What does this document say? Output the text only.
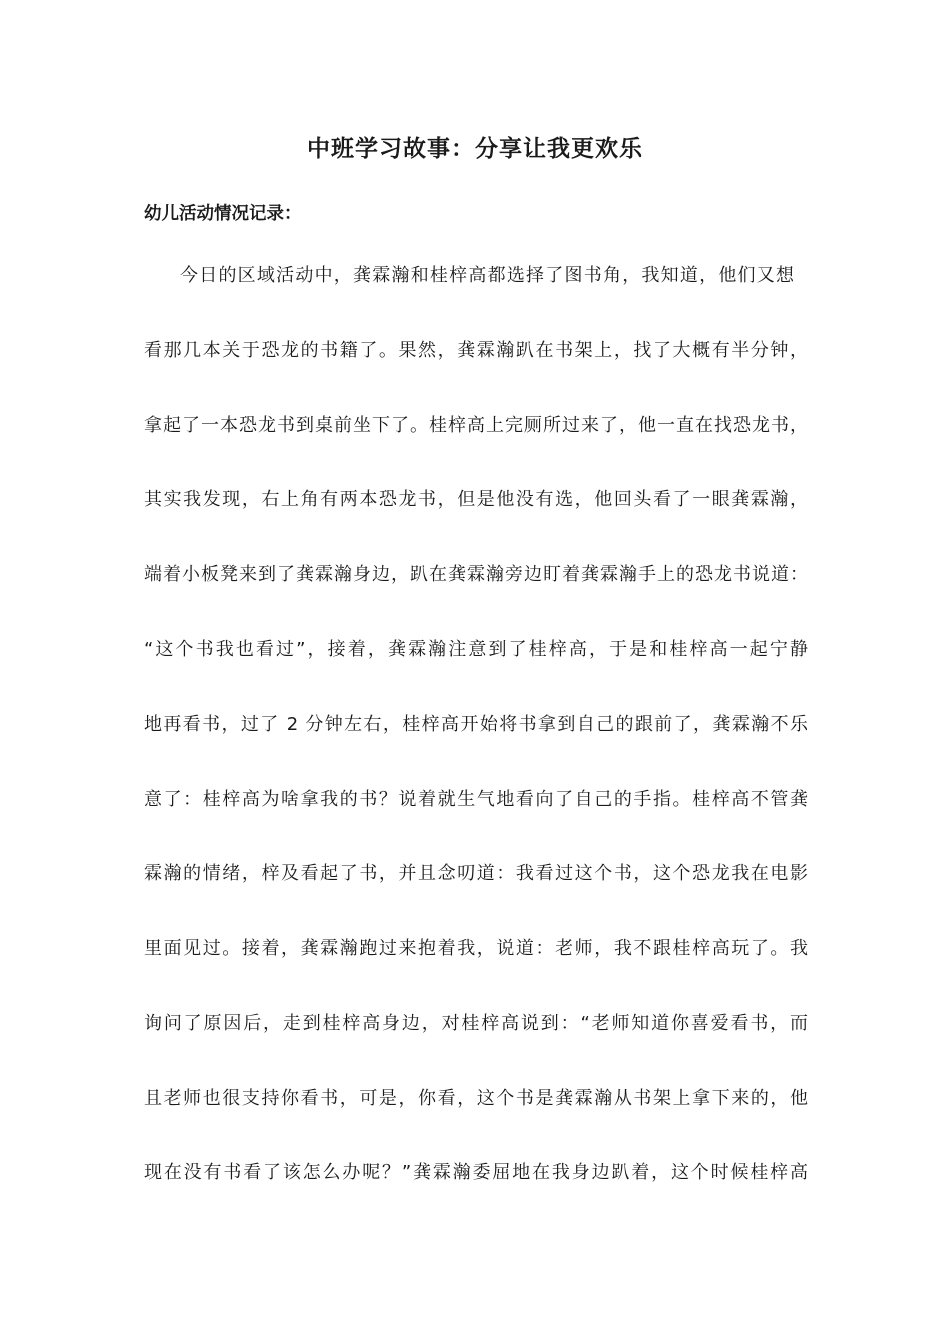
中班学习故事：分享让我更欢乐
幼儿活动情况记录：

今日的区域活动中，龚霖瀚和桂梓高都选择了图书角，我知道，他们又想

看那几本关于恐龙的书籍了。果然，龚霖瀚趴在书架上，找了大概有半分钟，

拿起了一本恐龙书到桌前坐下了。桂梓高上完厕所过来了，他一直在找恐龙书，

其实我发现，右上角有两本恐龙书，但是他没有选，他回头看了一眼龚霖瀚，

端着小板凳来到了龚霖瀚身边，趴在龚霖瀚旁边盯着龚霖瀚手上的恐龙书说道：

“这个书我也看过”，接着，龚霖瀚注意到了桂梓高，于是和桂梓高一起宁静

地再看书，过了 2 分钟左右，桂梓高开始将书拿到自己的跟前了，龚霖瀚不乐

意了：桂梓高为啥拿我的书？说着就生气地看向了自己的手指。桂梓高不管龚

霖瀚的情绪，梓及看起了书，并且念叨道：我看过这个书，这个恐龙我在电影

里面见过。接着，龚霖瀚跑过来抱着我，说道：老师，我不跟桂梓高玩了。我

询问了原因后，走到桂梓高身边，对桂梓高说到：“老师知道你喜爱看书，而

且老师也很支持你看书，可是，你看，这个书是龚霖瀚从书架上拿下来的，他

现在没有书看了该怎么办呢？”龚霖瀚委屈地在我身边趴着，这个时候桂梓高
